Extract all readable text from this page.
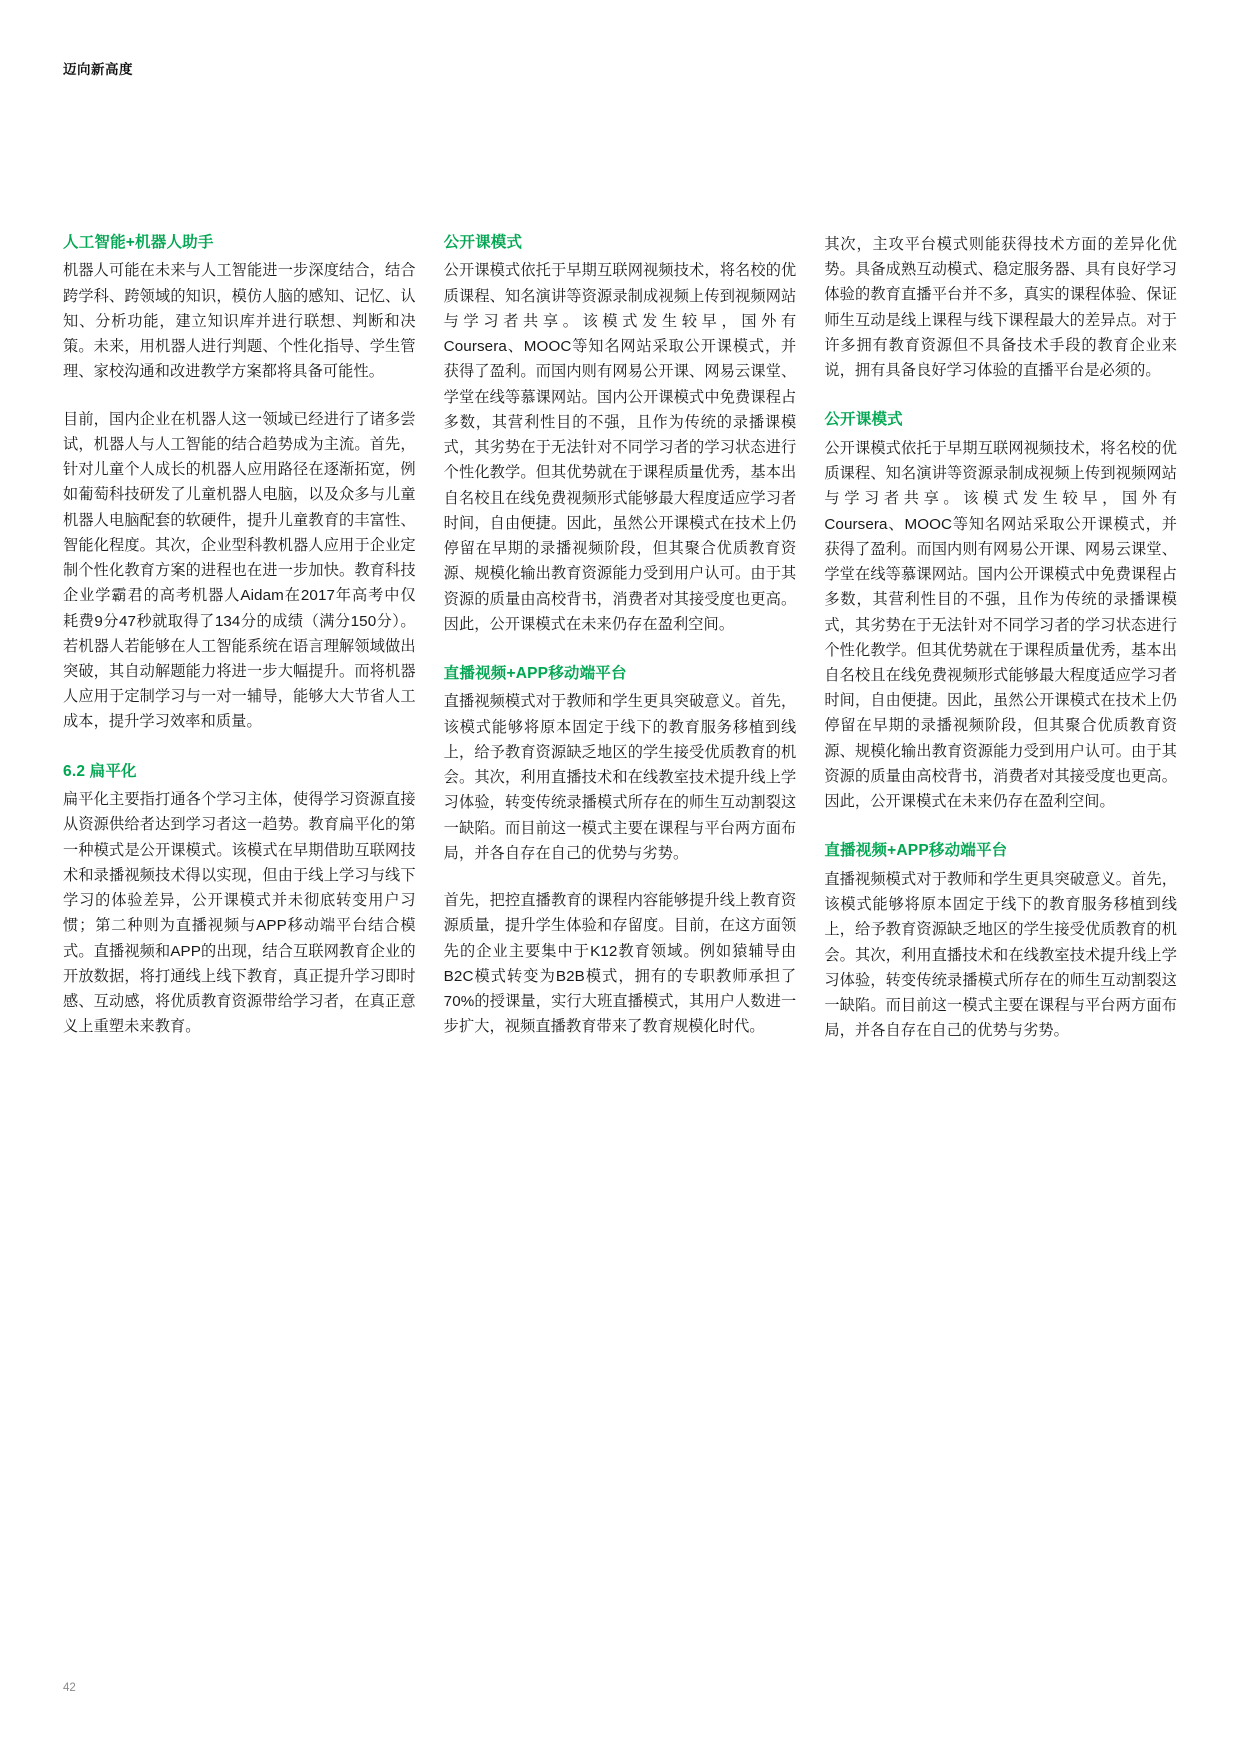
迈向新高度
人工智能+机器人助手

机器人可能在未来与人工智能进一步深度结合，结合跨学科、跨领域的知识，模仿人脑的感知、记忆、认知、分析功能，建立知识库并进行联想、判断和决策。未来，用机器人进行判题、个性化指导、学生管理、家校沟通和改进教学方案都将具备可能性。

目前，国内企业在机器人这一领域已经进行了诸多尝试，机器人与人工智能的结合趋势成为主流。首先，针对儿童个人成长的机器人应用路径在逐渐拓宽，例如葡萄科技研发了儿童机器人电脑，以及众多与儿童机器人电脑配套的软硬件，提升儿童教育的丰富性、智能化程度。其次，企业型科教机器人应用于企业定制个性化教育方案的进程也在进一步加快。教育科技企业学霸君的高考机器人Aidam在2017年高考中仅耗费9分47秒就取得了134分的成绩（满分150分）。若机器人若能够在人工智能系统在语言理解领域做出突破，其自动解题能力将进一步大幅提升。而将机器人应用于定制学习与一对一辅导，能够大大节省人工成本，提升学习效率和质量。

6.2 扁平化

扁平化主要指打通各个学习主体，使得学习资源直接从资源供给者达到学习者这一趋势。教育扁平化的第一种模式是公开课模式。该模式在早期借助互联网技术和录播视频技术得以实现，但由于线上学习与线下学习的体验差异，公开课模式并未彻底转变用户习惯；第二种则为直播视频与APP移动端平台结合模式。直播视频和APP的出现，结合互联网教育企业的开放数据，将打通线上线下教育，真正提升学习即时感、互动感，将优质教育资源带给学习者，在真正意义上重塑未来教育。

公开课模式

公开课模式依托于早期互联网视频技术，将名校的优质课程、知名演讲等资源录制成视频上传到视频网站与学习者共享。该模式发生较早，国外有Coursera、MOOC等知名网站采取公开课模式，并获得了盈利。而国内则有网易公开课、网易云课堂、学堂在线等慕课网站。国内公开课模式中免费课程占多数，其营利性目的不强，且作为传统的录播课模式，其劣势在于无法针对不同学习者的学习状态进行个性化教学。但其优势就在于课程质量优秀，基本出自名校且在线免费视频形式能够最大程度适应学习者时间，自由便捷。因此，虽然公开课模式在技术上仍停留在早期的录播视频阶段，但其聚合优质教育资源、规模化输出教育资源能力受到用户认可。由于其资源的质量由高校背书，消费者对其接受度也更高。因此，公开课模式在未来仍存在盈利空间。

直播视频+APP移动端平台

直播视频模式对于教师和学生更具突破意义。首先，该模式能够将原本固定于线下的教育服务移植到线上，给予教育资源缺乏地区的学生接受优质教育的机会。其次，利用直播技术和在线教室技术提升线上学习体验，转变传统录播模式所存在的师生互动割裂这一缺陷。而目前这一模式主要在课程与平台两方面布局，并各自存在自己的优势与劣势。

首先，把控直播教育的课程内容能够提升线上教育资源质量，提升学生体验和存留度。目前，在这方面领先的企业主要集中于K12教育领域。例如猿辅导由B2C模式转变为B2B模式，拥有的专职教师承担了70%的授课量，实行大班直播模式，其用户人数进一步扩大，视频直播教育带来了教育规模化时代。

其次，主攻平台模式则能获得技术方面的差异化优势。具备成熟互动模式、稳定服务器、具有良好学习体验的教育直播平台并不多，真实的课程体验、保证师生互动是线上课程与线下课程最大的差异点。对于许多拥有教育资源但不具备技术手段的教育企业来说，拥有具备良好学习体验的直播平台是必须的。

公开课模式

公开课模式依托于早期互联网视频技术，将名校的优质课程、知名演讲等资源录制成视频上传到视频网站与学习者共享。该模式发生较早，国外有Coursera、MOOC等知名网站采取公开课模式，并获得了盈利。而国内则有网易公开课、网易云课堂、学堂在线等慕课网站。国内公开课模式中免费课程占多数，其营利性目的不强，且作为传统的录播课模式，其劣势在于无法针对不同学习者的学习状态进行个性化教学。但其优势就在于课程质量优秀，基本出自名校且在线免费视频形式能够最大程度适应学习者时间，自由便捷。因此，虽然公开课模式在技术上仍停留在早期的录播视频阶段，但其聚合优质教育资源、规模化输出教育资源能力受到用户认可。由于其资源的质量由高校背书，消费者对其接受度也更高。因此，公开课模式在未来仍存在盈利空间。

直播视频+APP移动端平台

直播视频模式对于教师和学生更具突破意义。首先，该模式能够将原本固定于线下的教育服务移植到线上，给予教育资源缺乏地区的学生接受优质教育的机会。其次，利用直播技术和在线教室技术提升线上学习体验，转变传统录播模式所存在的师生互动割裂这一缺陷。而目前这一模式主要在课程与平台两方面布局，并各自存在自己的优势与劣势。

42
